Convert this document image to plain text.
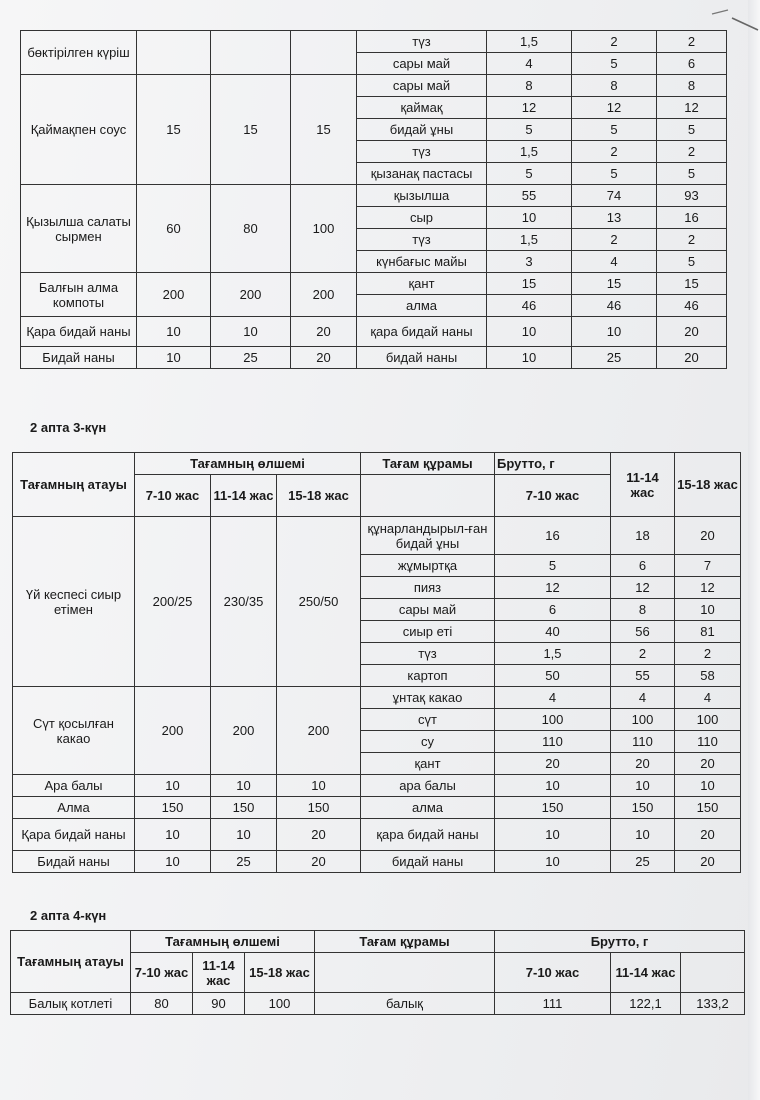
бөктірілген күріш				түз	1,5	2	2
				сары май	4	5	6
Қаймақпен соус	15	15	15	сары май	8	8	8
				қаймақ	12	12	12
				бидай ұны	5	5	5
				түз	1,5	2	2
				қызанақ пастасы	5	5	5
Қызылша салаты сырмен	60	80	100	қызылша	55	74	93
				сыр	10	13	16
				түз	1,5	2	2
				күнбағыс майы	3	4	5
Балғын алма компоты	200	200	200	қант	15	15	15
				алма	46	46	46
Қара бидай наны	10	10	20	қара бидай наны	10	10	20
Бидай наны	10	25	20	бидай наны	10	25	20
2 апта 3-күн
Тағамның атауы	Тағамның өлшемі			Тағам құрамы	Брутто, г	11-14 жас	15-18 жас
	7-10 жас	11-14 жас	15-18 жас		7-10 жас		
Үй кеспесі сиыр етімен	200/25	230/35	250/50	құнарландырыл-ған бидай ұны	16	18	20
				жұмыртқа	5	6	7
				пияз	12	12	12
				сары май	6	8	10
				сиыр еті	40	56	81
				түз	1,5	2	2
				картоп	50	55	58
Сүт қосылған какао	200	200	200	ұнтақ какао	4	4	4
				сүт	100	100	100
				су	110	110	110
				қант	20	20	20
Ара балы	10	10	10	ара балы	10	10	10
Алма	150	150	150	алма	150	150	150
Қара бидай наны	10	10	20	қара бидай наны	10	10	20
Бидай наны	10	25	20	бидай наны	10	25	20
2 апта 4-күн
Тағамның атауы	Тағамның өлшемі			Тағам құрамы	Брутто, г		
	7-10 жас	11-14 жас	15-18 жас		7-10 жас	11-14 жас	

Балық котлеті	80	90	100	балық	111	122,1	133,2
